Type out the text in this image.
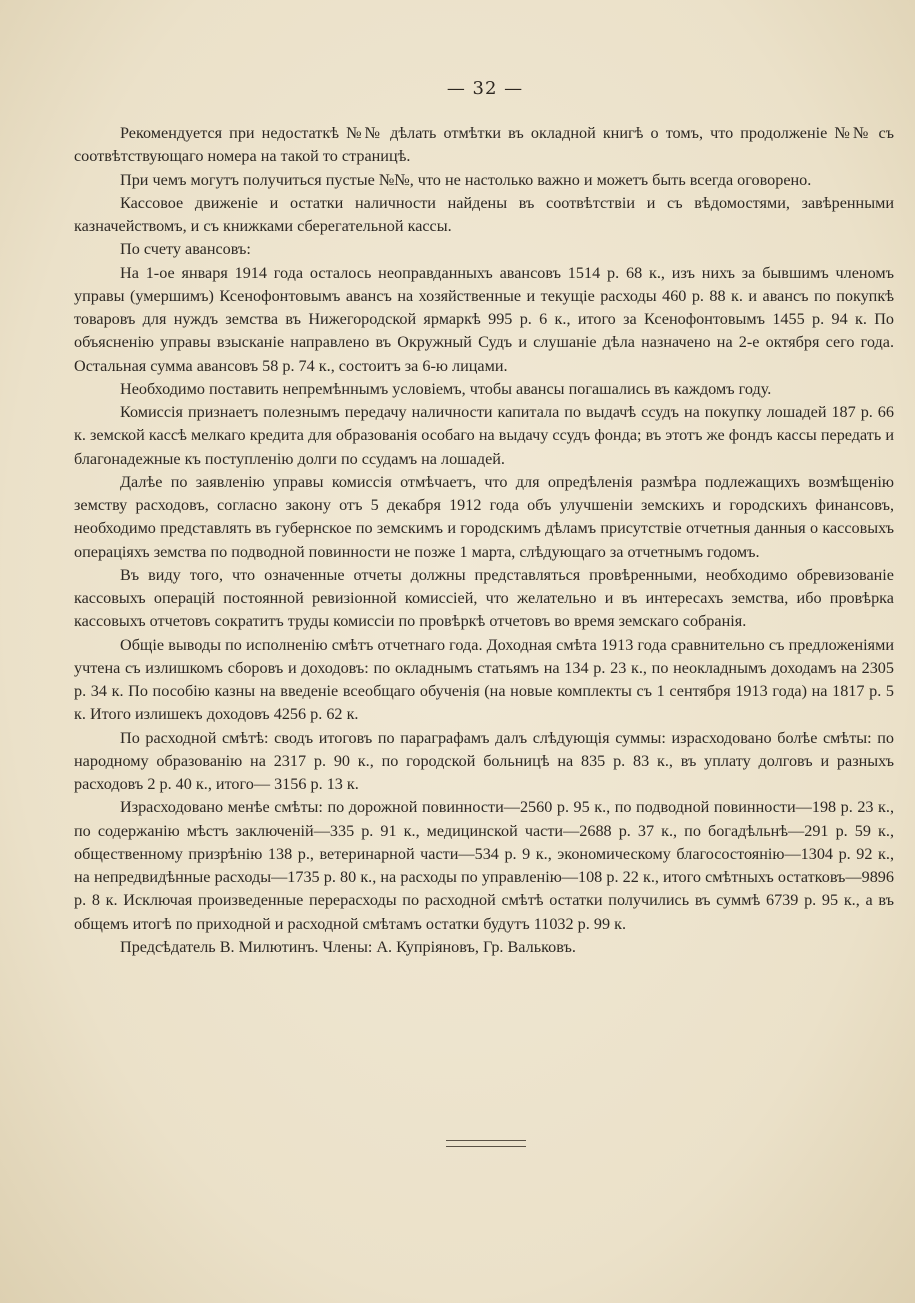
— 32 —

Рекомендуется при недостаткѣ №№ дѣлать отмѣтки въ окладной книгѣ о томъ, что продолженіе №№ съ соотвѣтствующаго номера на такой то страницѣ.

При чемъ могутъ получиться пустые №№, что не настолько важно и можетъ быть всегда оговорено.

Кассовое движеніе и остатки наличности найдены въ соотвѣтствіи и съ вѣдомостями, завѣренными казначействомъ, и съ книжками сберегательной кассы.

По счету авансовъ:

На 1-ое января 1914 года осталось неоправданныхъ авансовъ 1514 р. 68 к., изъ нихъ за бывшимъ членомъ управы (умершимъ) Ксенофонтовымъ авансъ на хозяйственные и текущіе расходы 460 р. 88 к. и авансъ по покупкѣ товаровъ для нуждъ земства въ Нижегородской ярмаркѣ 995 р. 6 к., итого за Ксенофонтовымъ 1455 р. 94 к. По объясненію управы взысканіе направлено въ Окружный Судъ и слушаніе дѣла назначено на 2-е октября сего года. Остальная сумма авансовъ 58 р. 74 к., состоитъ за 6-ю лицами.

Необходимо поставить непремѣннымъ условіемъ, чтобы авансы погашались въ каждомъ году.

Комиссія признаетъ полезнымъ передачу наличности капитала по выдачѣ ссудъ на покупку лошадей 187 р. 66 к. земской кассѣ мелкаго кредита для образованія особаго на выдачу ссудъ фонда; въ этотъ же фондъ кассы передать и благонадежные къ поступленію долги по ссудамъ на лошадей.

Далѣе по заявленію управы комиссія отмѣчаетъ, что для опредѣленія размѣра подлежащихъ возмѣщенію земству расходовъ, согласно закону отъ 5 декабря 1912 года объ улучшеніи земскихъ и городскихъ финансовъ, необходимо представлять въ губернское по земскимъ и городскимъ дѣламъ присутствіе отчетныя данныя о кассовыхъ операціяхъ земства по подводной повинности не позже 1 марта, слѣдующаго за отчетнымъ годомъ.

Въ виду того, что означенные отчеты должны представляться провѣренными, необходимо обревизованіе кассовыхъ операцій постоянной ревизіонной комиссіей, что желательно и въ интересахъ земства, ибо провѣрка кассовыхъ отчетовъ сократитъ труды комиссіи по провѣркѣ отчетовъ во время земскаго собранія.

Общіе выводы по исполненію смѣтъ отчетнаго года. Доходная смѣта 1913 года сравнительно съ предложеніями учтена съ излишкомъ сборовъ и доходовъ: по окладнымъ статьямъ на 134 р. 23 к., по неокладнымъ доходамъ на 2305 р. 34 к. По пособію казны на введеніе всеобщаго обученія (на новые комплекты съ 1 сентября 1913 года) на 1817 р. 5 к. Итого излишекъ доходовъ 4256 р. 62 к.

По расходной смѣтѣ: сводъ итоговъ по параграфамъ далъ слѣдующія суммы: израсходовано болѣе смѣты: по народному образованію на 2317 р. 90 к., по городской больницѣ на 835 р. 83 к., въ уплату долговъ и разныхъ расходовъ 2 р. 40 к., итого— 3156 р. 13 к.

Израсходовано менѣе смѣты: по дорожной повинности—2560 р. 95 к., по подводной повинности—198 р. 23 к., по содержанію мѣстъ заключеній—335 р. 91 к., медицинской части—2688 р. 37 к., по богадѣльнѣ—291 р. 59 к., общественному призрѣнію 138 р., ветеринарной части—534 р. 9 к., экономическому благосостоянію—1304 р. 92 к., на непредвидѣнные расходы—1735 р. 80 к., на расходы по управленію—108 р. 22 к., итого смѣтныхъ остатковъ—9896 р. 8 к. Исключая произведенные перерасходы по расходной смѣтѣ остатки получились въ суммѣ 6739 р. 95 к., а въ общемъ итогѣ по приходной и расходной смѣтамъ остатки будутъ 11032 р. 99 к.

Предсѣдатель В. Милютинъ. Члены: А. Купріяновъ, Гр. Вальковъ.
